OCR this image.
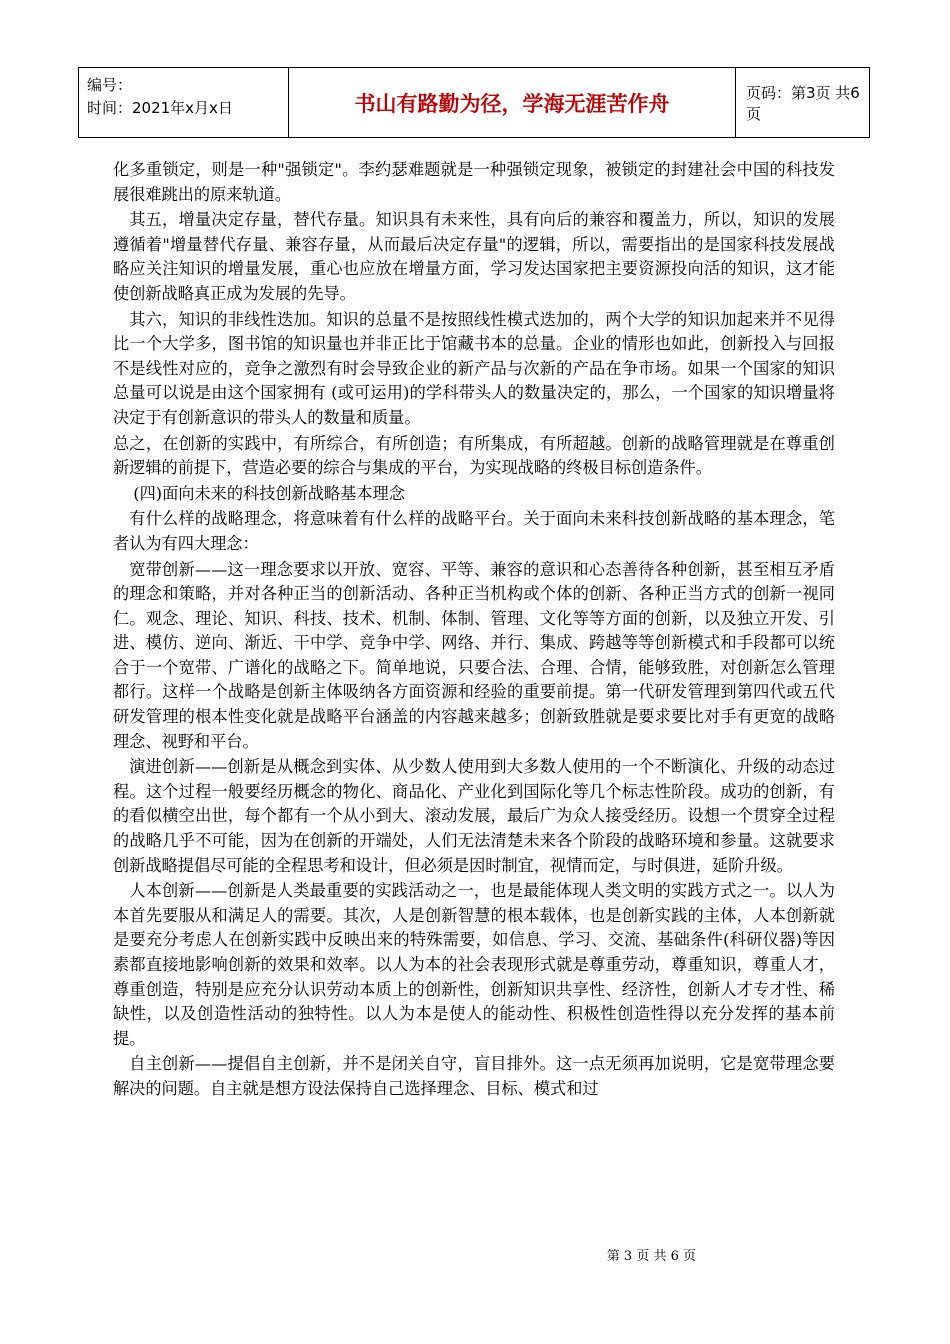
编号：
时间：2021年x月x日	书山有路勤为径，学海无涯苦作舟	页码：第3页 共6页

化多重锁定，则是一种"强锁定"。李约瑟难题就是一种强锁定现象，被锁定的封建社会中国的科技发展很难跳出的原来轨道。

其五，增量决定存量，替代存量。知识具有未来性，具有向后的兼容和覆盖力，所以，知识的发展遵循着"增量替代存量、兼容存量，从而最后决定存量"的逻辑，所以，需要指出的是国家科技发展战略应关注知识的增量发展，重心也应放在增量方面，学习发达国家把主要资源投向活的知识，这才能使创新战略真正成为发展的先导。

其六，知识的非线性迭加。知识的总量不是按照线性模式迭加的，两个大学的知识加起来并不见得比一个大学多，图书馆的知识量也并非正比于馆藏书本的总量。企业的情形也如此，创新投入与回报不是线性对应的，竞争之激烈有时会导致企业的新产品与次新的产品在争市场。如果一个国家的知识总量可以说是由这个国家拥有 (或可运用)的学科带头人的数量决定的，那么，一个国家的知识增量将决定于有创新意识的带头人的数量和质量。

总之，在创新的实践中，有所综合，有所创造；有所集成，有所超越。创新的战略管理就是在尊重创新逻辑的前提下，营造必要的综合与集成的平台，为实现战略的终极目标创造条件。

(四)面向未来的科技创新战略基本理念

有什么样的战略理念，将意味着有什么样的战略平台。关于面向未来科技创新战略的基本理念，笔者认为有四大理念：

宽带创新——这一理念要求以开放、宽容、平等、兼容的意识和心态善待各种创新，甚至相互矛盾的理念和策略，并对各种正当的创新活动、各种正当机构或个体的创新、各种正当方式的创新一视同仁。观念、理论、知识、科技、技术、机制、体制、管理、文化等等方面的创新，以及独立开发、引进、模仿、逆向、渐近、干中学、竞争中学、网络、并行、集成、跨越等等创新模式和手段都可以统合于一个宽带、广谱化的战略之下。简单地说，只要合法、合理、合情，能够致胜，对创新怎么管理都行。这样一个战略是创新主体吸纳各方面资源和经验的重要前提。第一代研发管理到第四代或五代研发管理的根本性变化就是战略平台涵盖的内容越来越多；创新致胜就是要求要比对手有更宽的战略理念、视野和平台。

演进创新——创新是从概念到实体、从少数人使用到大多数人使用的一个不断演化、升级的动态过程。这个过程一般要经历概念的物化、商品化、产业化到国际化等几个标志性阶段。成功的创新，有的看似横空出世，每个都有一个从小到大、滚动发展，最后广为众人接受经历。设想一个贯穿全过程的战略几乎不可能，因为在创新的开端处，人们无法清楚未来各个阶段的战略环境和参量。这就要求创新战略提倡尽可能的全程思考和设计，但必须是因时制宜，视情而定，与时俱进，延阶升级。

人本创新——创新是人类最重要的实践活动之一，也是最能体现人类文明的实践方式之一。以人为本首先要服从和满足人的需要。其次，人是创新智慧的根本载体，也是创新实践的主体，人本创新就是要充分考虑人在创新实践中反映出来的特殊需要，如信息、学习、交流、基础条件(科研仪器)等因素都直接地影响创新的效果和效率。以人为本的社会表现形式就是尊重劳动，尊重知识，尊重人才，尊重创造，特别是应充分认识劳动本质上的创新性，创新知识共享性、经济性，创新人才专才性、稀缺性，以及创造性活动的独特性。以人为本是使人的能动性、积极性创造性得以充分发挥的基本前提。

自主创新——提倡自主创新，并不是闭关自守，盲目排外。这一点无须再加说明，它是宽带理念要解决的问题。自主就是想方设法保持自己选择理念、目标、模式和过

第 3 页 共 6 页
